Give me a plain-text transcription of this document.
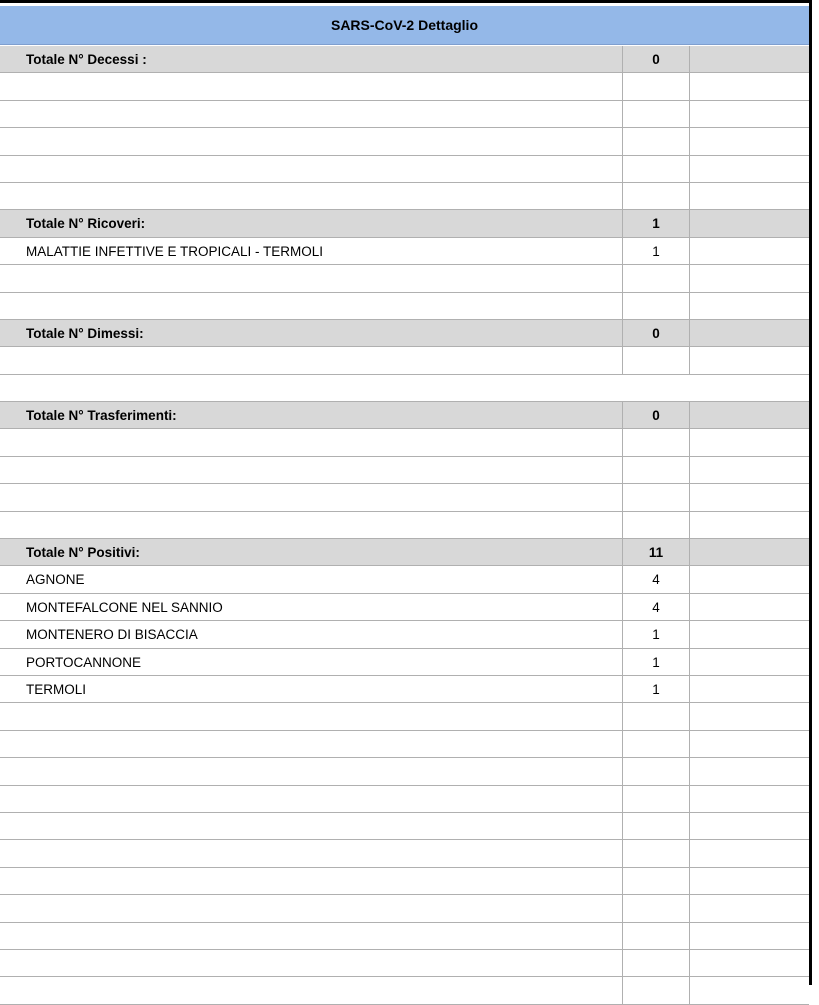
SARS-CoV-2 Dettaglio
Totale N° Decessi :	0
Totale N° Ricoveri:	1
MALATTIE INFETTIVE E TROPICALI - TERMOLI	1
Totale N° Dimessi:	0
Totale N° Trasferimenti:	0
Totale N° Positivi:	11
AGNONE	4
MONTEFALCONE NEL SANNIO	4
MONTENERO DI BISACCIA	1
PORTOCANNONE	1
TERMOLI	1
